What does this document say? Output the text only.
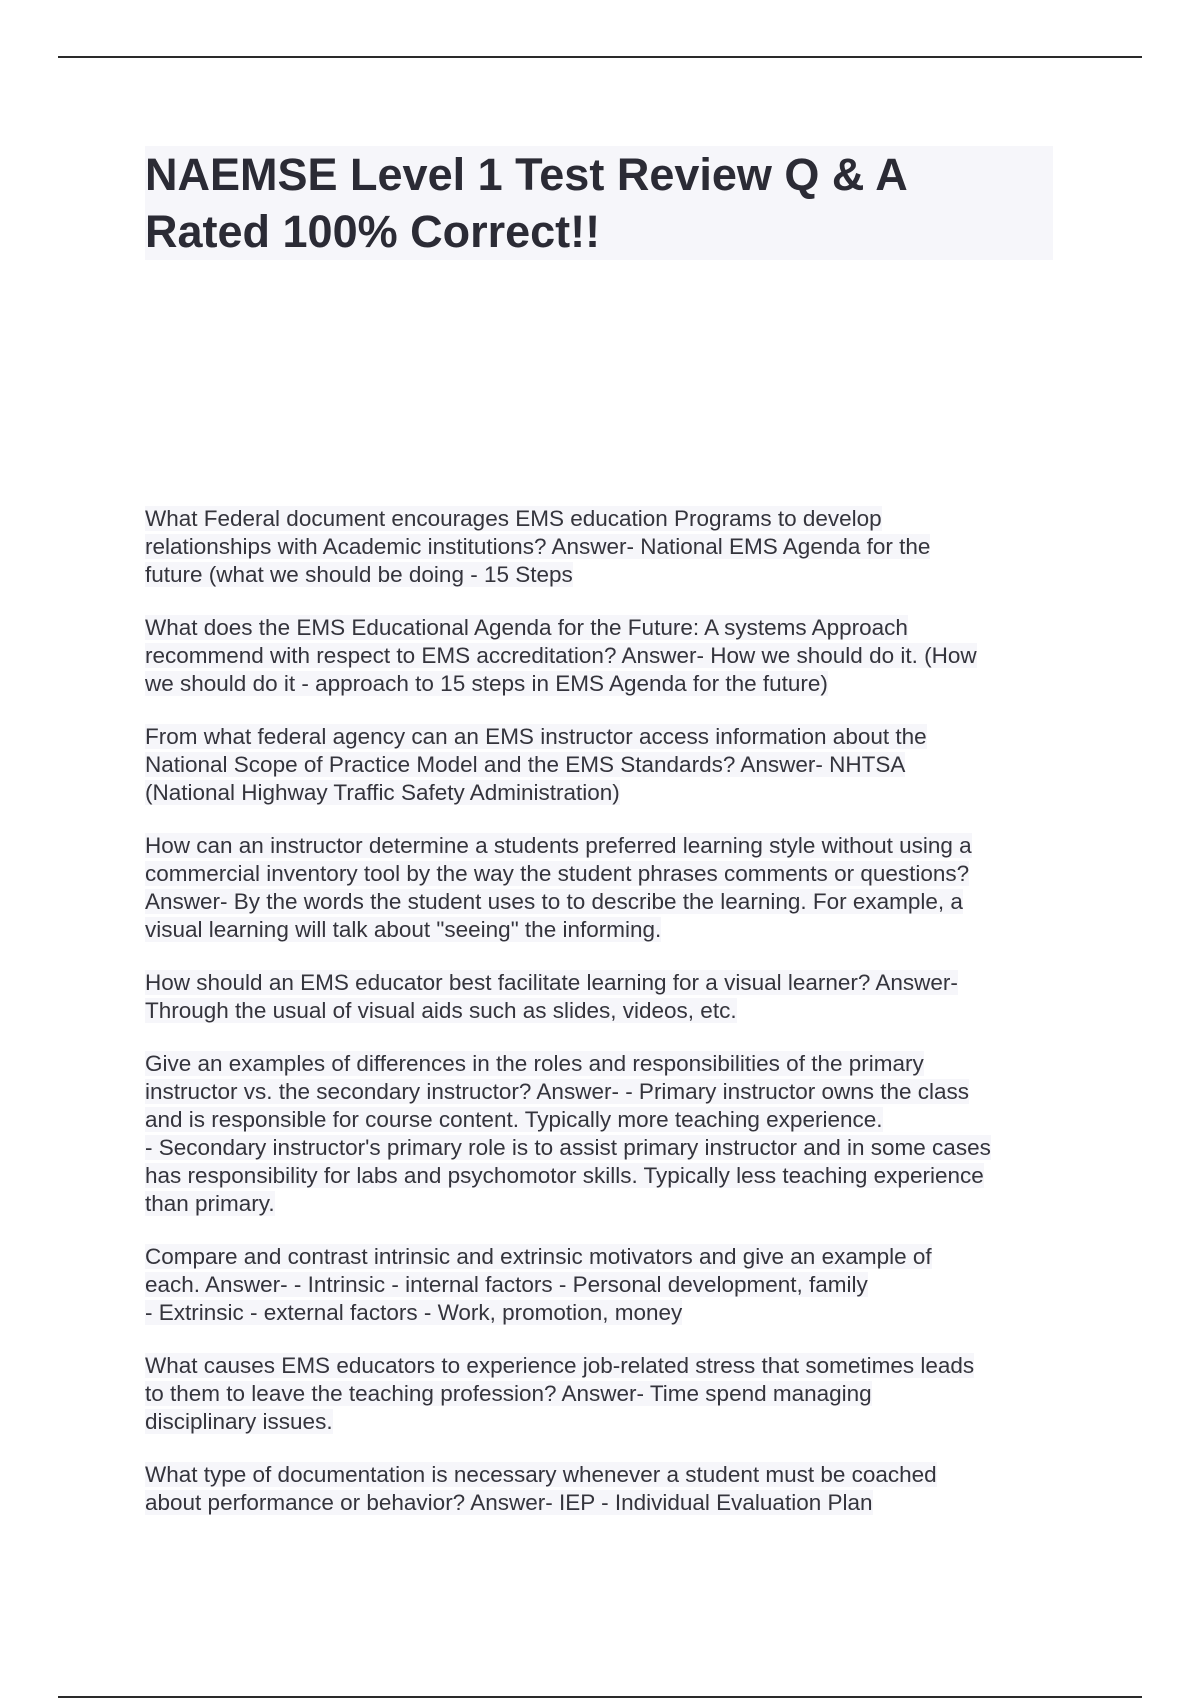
NAEMSE Level 1 Test Review Q & A
Rated 100% Correct!!
What Federal document encourages EMS education Programs to develop
relationships with Academic institutions? Answer- National EMS Agenda for the
future (what we should be doing - 15 Steps
What does the EMS Educational Agenda for the Future: A systems Approach
recommend with respect to EMS accreditation? Answer- How we should do it. (How
we should do it - approach to 15 steps in EMS Agenda for the future)
From what federal agency can an EMS instructor access information about the
National Scope of Practice Model and the EMS Standards? Answer- NHTSA
(National Highway Traffic Safety Administration)
How can an instructor determine a students preferred learning style without using a
commercial inventory tool by the way the student phrases comments or questions?
Answer- By the words the student uses to to describe the learning. For example, a
visual learning will talk about "seeing" the informing.
How should an EMS educator best facilitate learning for a visual learner? Answer-
Through the usual of visual aids such as slides, videos, etc.
Give an examples of differences in the roles and responsibilities of the primary
instructor vs. the secondary instructor? Answer- - Primary instructor owns the class
and is responsible for course content. Typically more teaching experience.
- Secondary instructor's primary role is to assist primary instructor and in some cases
has responsibility for labs and psychomotor skills. Typically less teaching experience
than primary.
Compare and contrast intrinsic and extrinsic motivators and give an example of
each. Answer- - Intrinsic - internal factors - Personal development, family
- Extrinsic - external factors - Work, promotion, money
What causes EMS educators to experience job-related stress that sometimes leads
to them to leave the teaching profession? Answer- Time spend managing
disciplinary issues.
What type of documentation is necessary whenever a student must be coached
about performance or behavior? Answer- IEP - Individual Evaluation Plan
